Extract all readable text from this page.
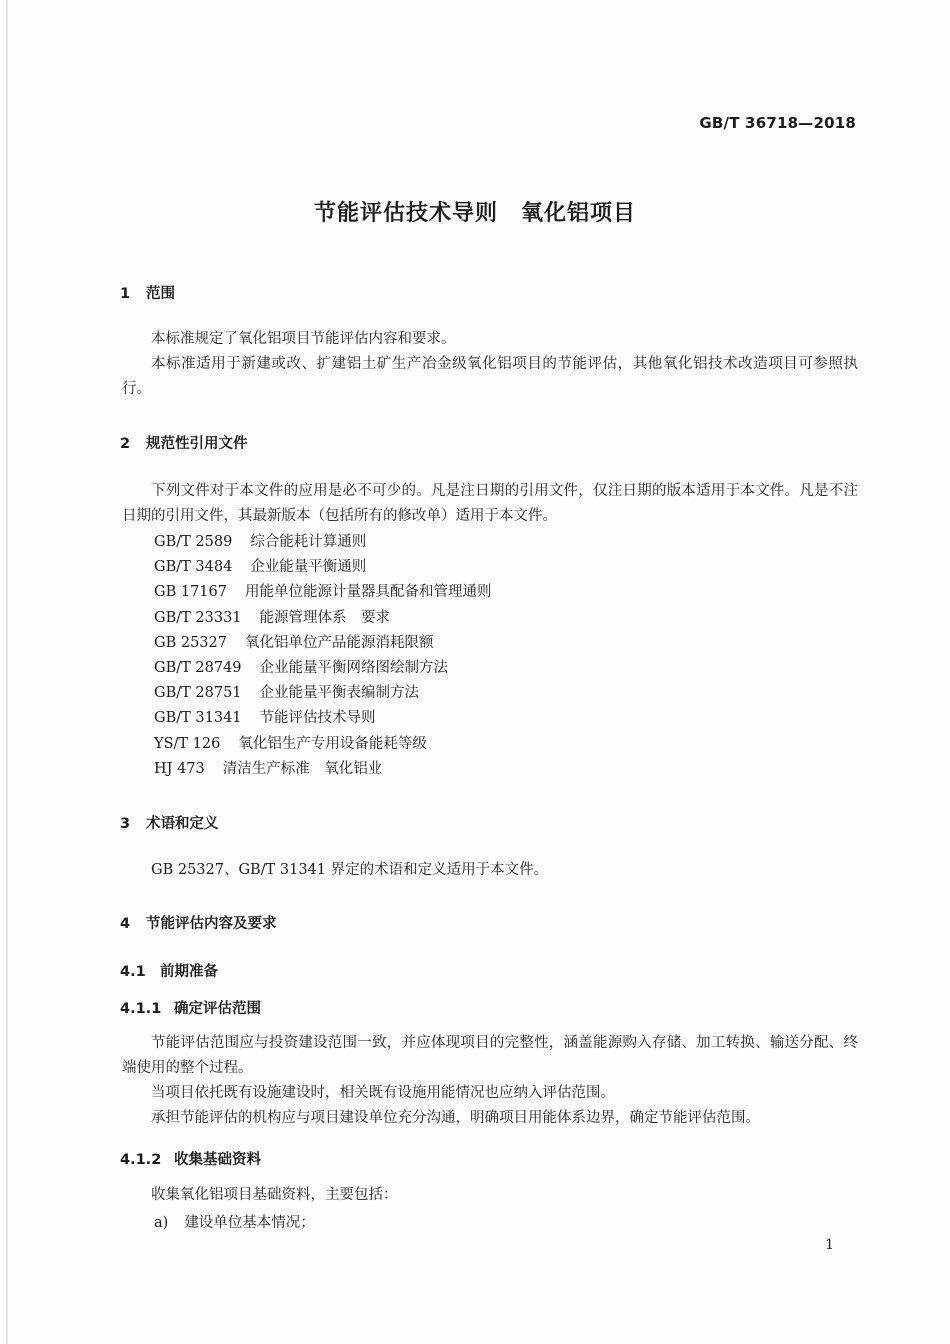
GB/T 36718—2018
节能评估技术导则　氧化铝项目
1	范围

本标准规定了氧化铝项目节能评估内容和要求。

本标准适用于新建或改、扩建铝土矿生产冶金级氧化铝项目的节能评估，其他氧化铝技术改造项目可参照执行。

2	规范性引用文件

下列文件对于本文件的应用是必不可少的。凡是注日期的引用文件，仅注日期的版本适用于本文件。凡是不注日期的引用文件，其最新版本（包括所有的修改单）适用于本文件。

GB/T 2589 综合能耗计算通则
GB/T 3484 企业能量平衡通则
GB 17167 用能单位能源计量器具配备和管理通则
GB/T 23331 能源管理体系　要求
GB 25327 氧化铝单位产品能源消耗限额
GB/T 28749 企业能量平衡网络图绘制方法
GB/T 28751 企业能量平衡表编制方法
GB/T 31341 节能评估技术导则
YS/T 126 氧化铝生产专用设备能耗等级
HJ 473 清洁生产标准　氧化铝业
3	术语和定义

GB 25327、GB/T 31341 界定的术语和定义适用于本文件。

4	节能评估内容及要求
4.1 前期准备
4.1.1 确定评估范围

节能评估范围应与投资建设范围一致，并应体现项目的完整性，涵盖能源购入存储、加工转换、输送分配、终端使用的整个过程。

当项目依托既有设施建设时，相关既有设施用能情况也应纳入评估范围。

承担节能评估的机构应与项目建设单位充分沟通，明确项目用能体系边界，确定节能评估范围。

4.1.2 收集基础资料

收集氧化铝项目基础资料，主要包括：

a) 建设单位基本情况；
1
